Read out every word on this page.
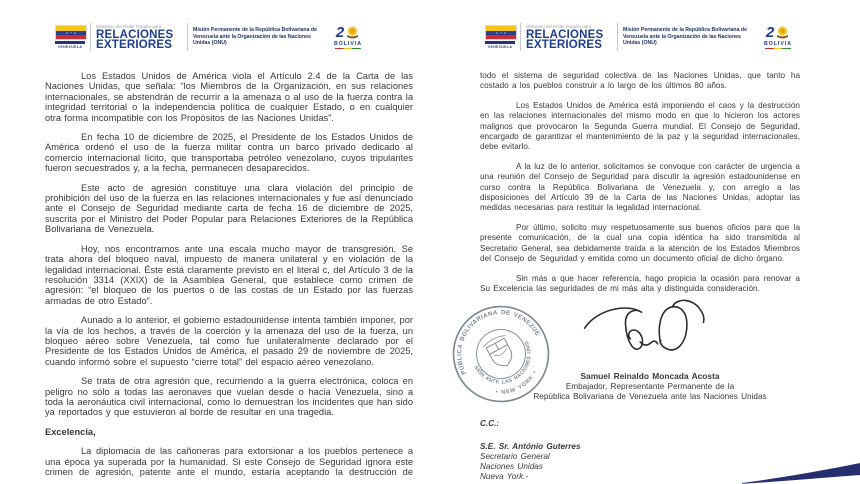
VENEZUELA
Ministerio del Poder Popular para
RELACIONES
EXTERIORES
Misión Permanente de la República Bolivariana de Venezuela ante la Organización de las Naciones Unidas (ONU)
2
BOLIVIA

Los Estados Unidos de América viola el Artículo 2.4 de la Carta de las Naciones Unidas, que señala: “los Miembros de la Organización, en sus relaciones internacionales, se abstendrán de recurrir a la amenaza o al uso de la fuerza contra la integridad territorial o la independencia política de cualquier Estado, o en cualquier otra forma incompatible con los Propósitos de las Naciones Unidas”.

En fecha 10 de diciembre de 2025, el Presidente de los Estados Unidos de América ordenó el uso de la fuerza militar contra un barco privado dedicado al comercio internacional lícito, que transportaba petróleo venezolano, cuyos tripulantes fueron secuestrados y, a la fecha, permanecen desaparecidos.

Este acto de agresión constituye una clara violación del principio de prohibición del uso de la fuerza en las relaciones internacionales y fue así denunciado ante el Consejo de Seguridad mediante carta de fecha 16 de diciembre de 2025, suscrita por el Ministro del Poder Popular para Relaciones Exteriores de la República Bolivariana de Venezuela.

Hoy, nos encontramos ante una escala mucho mayor de transgresión. Se trata ahora del bloqueo naval, impuesto de manera unilateral y en violación de la legalidad internacional. Éste está claramente previsto en el literal c, del Artículo 3 de la resolución 3314 (XXIX) de la Asamblea General, que establece como crimen de agresión: “el bloqueo de los puertos o de las costas de un Estado por las fuerzas armadas de otro Estado”.

Aunado a lo anterior, el gobierno estadounidense intenta también imponer, por la vía de los hechos, a través de la coerción y la amenaza del uso de la fuerza, un bloqueo aéreo sobre Venezuela, tal como fue unilateralmente declarado por el Presidente de los Estados Unidos de América, el pasado 29 de noviembre de 2025, cuando informó sobre el supuesto “cierre total” del espacio aéreo venezolano.

Se trata de otra agresión que, recurriendo a la guerra electrónica, coloca en peligro no sólo a todas las aeronaves que vuelan desde o hacia Venezuela, sino a toda la aeronáutica civil internacional, como lo demuestran los incidentes que han sido ya reportados y que estuvieron al borde de resultar en una tragedia.

Excelencia,

La diplomacia de las cañoneras para extorsionar a los pueblos pertenece a una época ya superada por la humanidad. Si este Consejo de Seguridad ignora este crimen de agresión, patente ante el mundo, estaría aceptando la destrucción de

VENEZUELA
Ministerio del Poder Popular para
RELACIONES
EXTERIORES
Misión Permanente de la República Bolivariana de Venezuela ante la Organización de las Naciones Unidas (ONU)
2
BOLIVIA

todo el sistema de seguridad colectiva de las Naciones Unidas, que tanto ha costado a los pueblos construir a lo largo de los últimos 80 años.

Los Estados Unidos de América está imponiendo el caos y la destrucción en las relaciones internacionales del mismo modo en que lo hicieron los actores malignos que provocaron la Segunda Guerra mundial. El Consejo de Seguridad, encargado de garantizar el mantenimiento de la paz y la seguridad internacionales, debe evitarlo.

A la luz de lo anterior, solicitamos se convoque con carácter de urgencia a una reunión del Consejo de Seguridad para discutir la agresión estadounidense en curso contra la República Bolivariana de Venezuela y, con arreglo a las disposiciones del Artículo 39 de la Carta de las Naciones Unidas, adoptar las medidas necesarias para restituir la legalidad internacional.

Por último, solicito muy respetuosamente sus buenos oficios para que la presente comunicación, de la cual una copia idéntica ha sido transmitida al Secretario General, sea debidamente traída a la atención de los Estados Miembros del Consejo de Seguridad y emitida como un documento oficial de dicho órgano.

Sin más a que hacer referencia, hago propicia la ocasión para renovar a Su Excelencia las seguridades de mi más alta y distinguida consideración.

REPÚBLICA BOLIVARIANA DE VENEZUELA
MISIÓN ANTE LAS NACIONES UNIDAS
• NEW YORK •	Samuel Reinaldo Moncada Acosta
Embajador, Representante Permanente de la
República Bolivariana de Venezuela ante las Naciones Unidas
C.C.:
S.E. Sr. António Guterres
Secretario General
Naciones Unidas
Nueva York.-
